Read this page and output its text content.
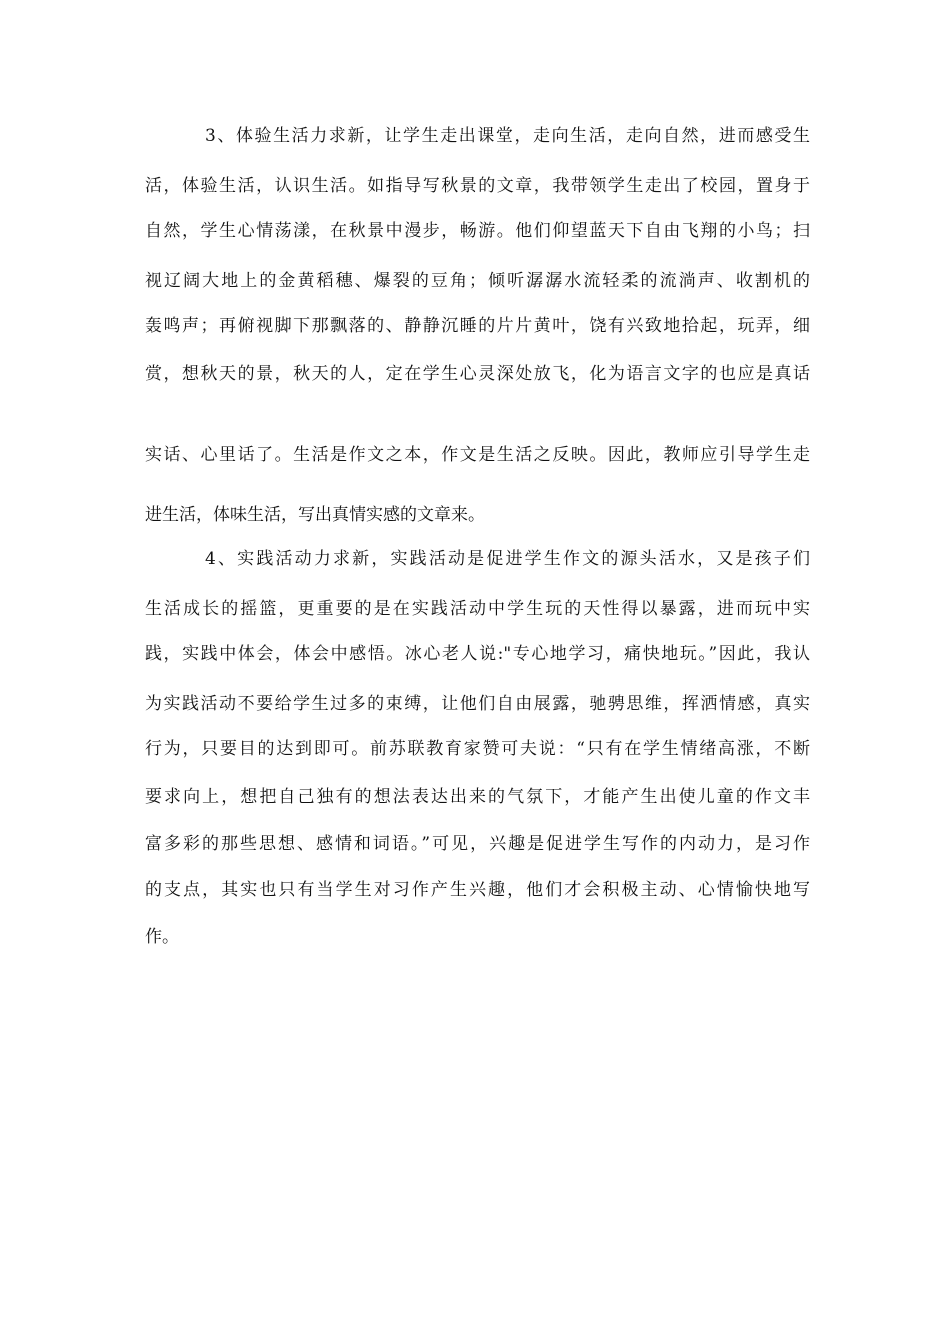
3、体验生活力求新，让学生走出课堂，走向生活，走向自然，进而感受生
活，体验生活，认识生活。如指导写秋景的文章，我带领学生走出了校园，置身于
自然，学生心情荡漾，在秋景中漫步，畅游。他们仰望蓝天下自由飞翔的小鸟；扫
视辽阔大地上的金黄稻穗、爆裂的豆角；倾听潺潺水流轻柔的流淌声、收割机的
轰鸣声；再俯视脚下那飘落的、静静沉睡的片片黄叶，饶有兴致地拾起，玩弄，细
赏，想秋天的景，秋天的人，定在学生心灵深处放飞，化为语言文字的也应是真话
实话、心里话了。生活是作文之本，作文是生活之反映。因此，教师应引导学生走
进生活，体味生活，写出真情实感的文章来。
4、实践活动力求新，实践活动是促进学生作文的源头活水，又是孩子们
生活成长的摇篮，更重要的是在实践活动中学生玩的天性得以暴露，进而玩中实
践，实践中体会，体会中感悟。冰心老人说:"专心地学习，痛快地玩。”因此，我认
为实践活动不要给学生过多的束缚，让他们自由展露，驰骋思维，挥洒情感，真实
行为，只要目的达到即可。前苏联教育家赞可夫说：“只有在学生情绪高涨，不断
要求向上，想把自己独有的想法表达出来的气氛下，才能产生出使儿童的作文丰
富多彩的那些思想、感情和词语。”可见，兴趣是促进学生写作的内动力，是习作
的支点，其实也只有当学生对习作产生兴趣，他们才会积极主动、心情愉快地写
作。
